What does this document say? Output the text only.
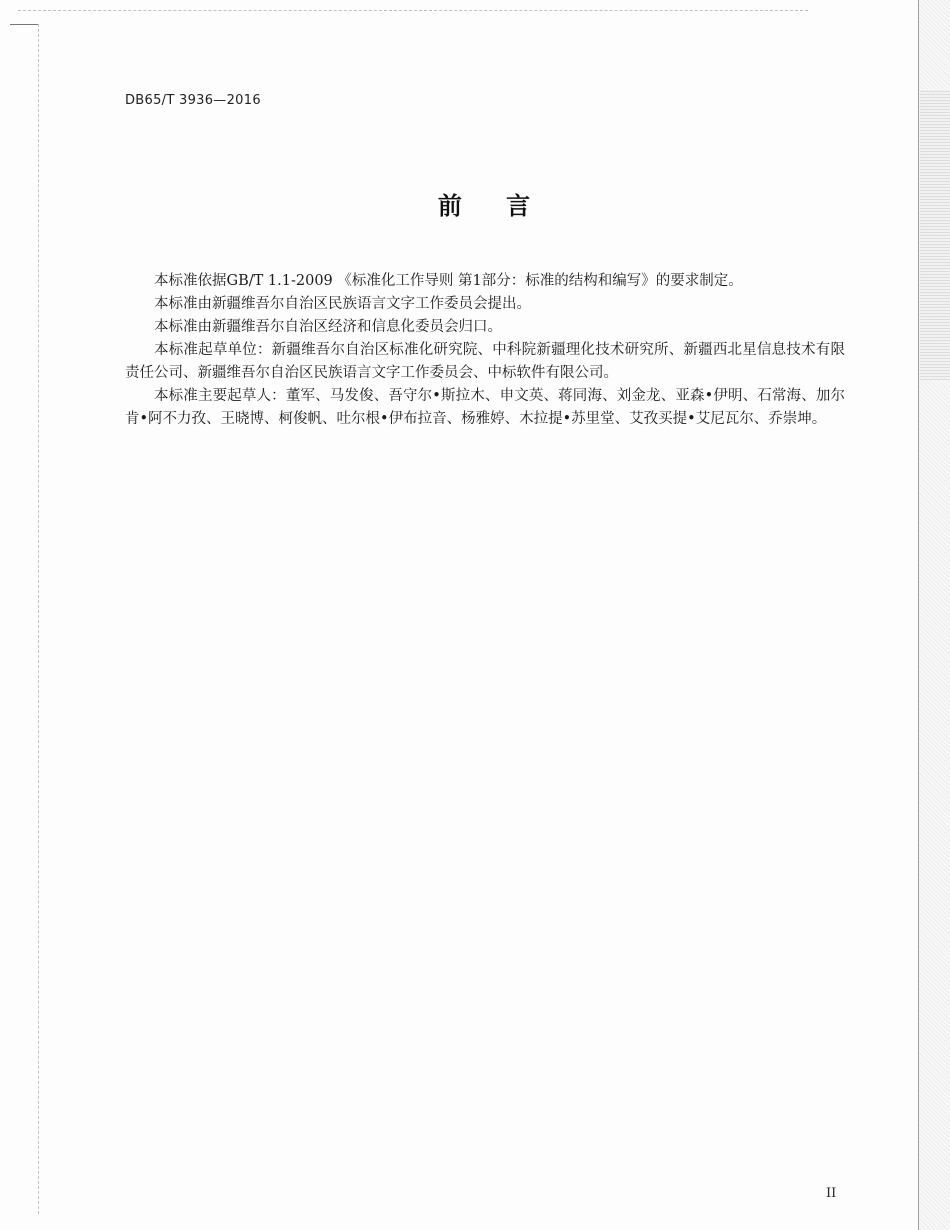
DB65/T 3936—2016
前 言

本标准依据GB/T 1.1-2009 《标准化工作导则 第1部分：标准的结构和编写》的要求制定。

本标准由新疆维吾尔自治区民族语言文字工作委员会提出。

本标准由新疆维吾尔自治区经济和信息化委员会归口。

本标准起草单位：新疆维吾尔自治区标准化研究院、中科院新疆理化技术研究所、新疆西北星信息技术有限责任公司、新疆维吾尔自治区民族语言文字工作委员会、中标软件有限公司。

本标准主要起草人：董军、马发俊、吾守尔•斯拉木、申文英、蒋同海、刘金龙、亚森•伊明、石常海、加尔肯•阿不力孜、王晓博、柯俊帆、吐尔根•伊布拉音、杨雅婷、木拉提•苏里堂、艾孜买提•艾尼瓦尔、乔崇坤。

II
